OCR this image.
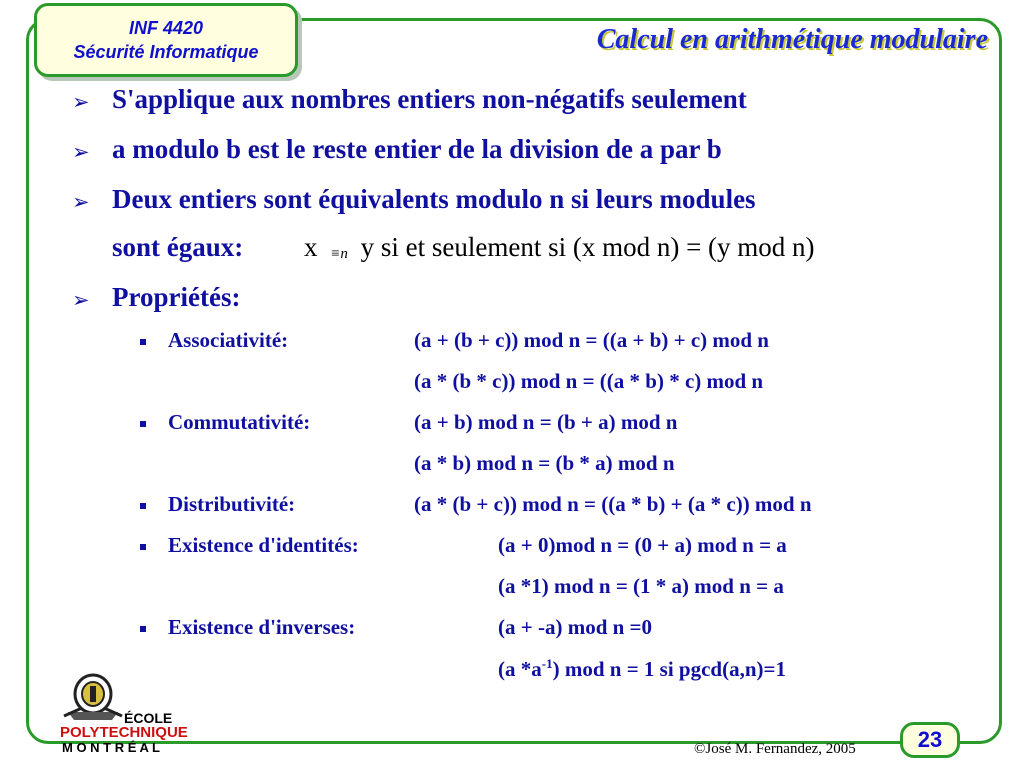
INF 4420
Sécurité Informatique	Calcul en arithmétique modulaire
➢ S'applique aux nombres entiers non-négatifs seulement
➢ a modulo b est le reste entier de la division de a par b
➢ Deux entiers sont équivalents modulo n si leurs modules
sont égaux: x ≡n y si et seulement si (x mod n) = (y mod n)
➢ Propriétés:
Associativité:	(a + (b + c)) mod n = ((a + b) + c) mod n
(a * (b * c)) mod n = ((a * b) * c) mod n
Commutativité:	(a + b) mod n = (b + a) mod n
(a * b) mod n = (b * a) mod n
Distributivité:	(a * (b + c)) mod n = ((a * b) + (a * c)) mod n
Existence d'identités:	(a + 0)mod n = (0 + a) mod n = a
(a *1) mod n = (1 * a) mod n = a
Existence d'inverses:	(a + -a) mod n =0
(a $*a^{-1}$) mod n = 1 si pgcd(a,n)=1
ÉCOLE
POLYTECHNIQUE
M O N T R É A L	23
©José M. Fernandez, 2005
